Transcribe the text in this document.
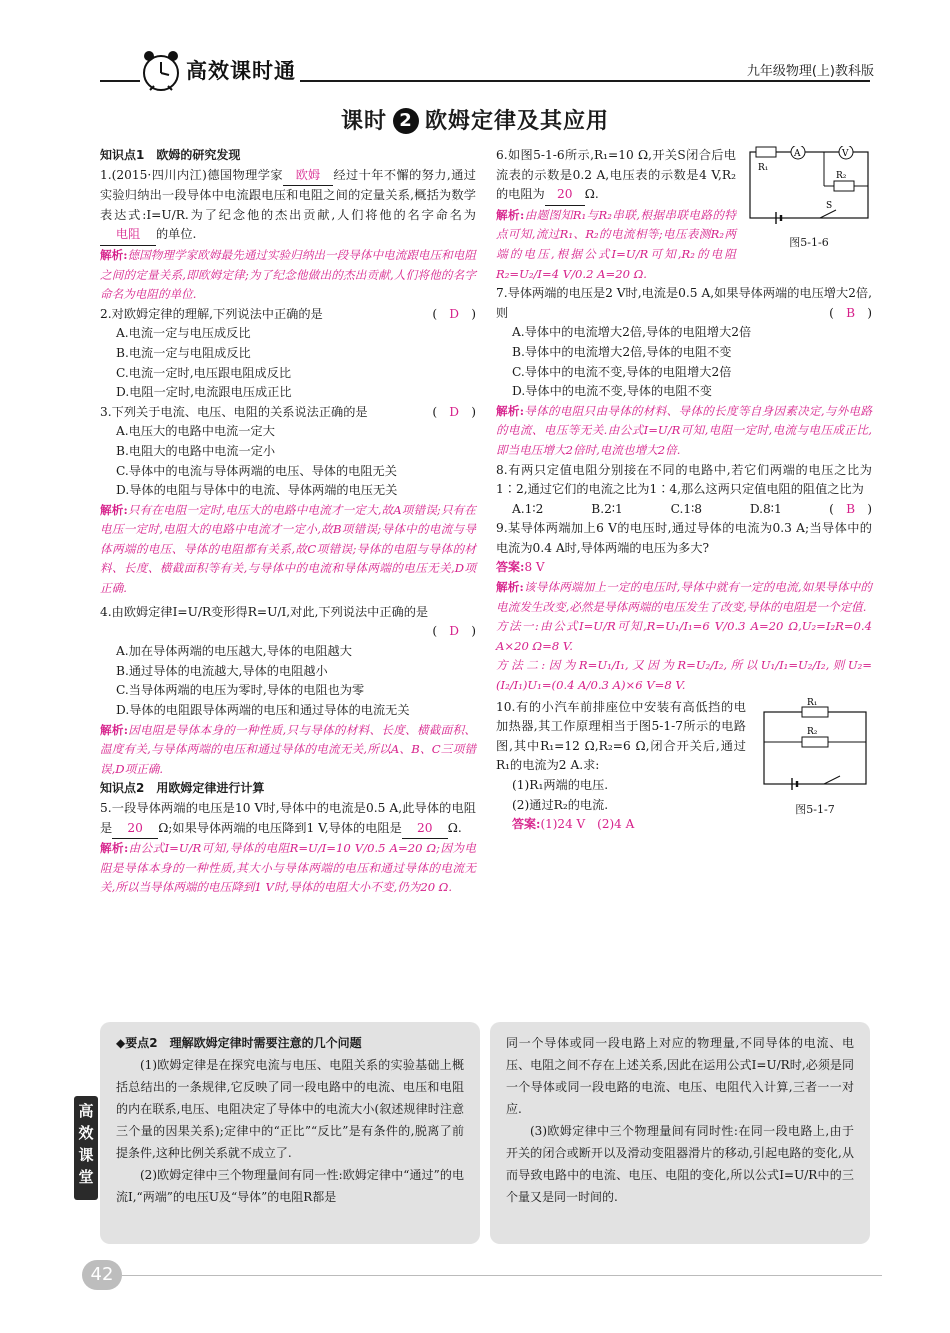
高效课时通	九年级物理(上)教科版
课时 2 欧姆定律及其应用

知识点1　欧姆的研究发现

1.(2015·四川内江)德国物理学家 欧姆 经过十年不懈的努力,通过实验归纳出一段导体中电流跟电压和电阻之间的定量关系,概括为数学表达式:I=U/R.为了纪念他的杰出贡献,人们将他的名字命名为电阻 的单位.

解析:德国物理学家欧姆最先通过实验归纳出一段导体中电流跟电压和电阻之间的定量关系,即欧姆定律;为了纪念他做出的杰出贡献,人们将他的名字命名为电阻的单位.

2.对欧姆定律的理解,下列说法中正确的是	(　D　)

A.电流一定与电压成反比

B.电流一定与电阻成反比

C.电流一定时,电压跟电阻成反比

D.电阻一定时,电流跟电压成正比

3.下列关于电流、电压、电阻的关系说法正确的是	(　D　)

A.电压大的电路中电流一定大

B.电阻大的电路中电流一定小

C.导体中的电流与导体两端的电压、导体的电阻无关

D.导体的电阻与导体中的电流、导体两端的电压无关

解析:只有在电阻一定时,电压大的电路中电流才一定大,故A项错误;只有在电压一定时,电阻大的电路中电流才一定小,故B项错误;导体中的电流与导体两端的电压、导体的电阻都有关系,故C项错误;导体的电阻与导体的材料、长度、横截面积等有关,与导体中的电流和导体两端的电压无关,D项正确.

4.由欧姆定律I=U/R变形得R=U/I,对此,下列说法中正确的是

(　D　)

A.加在导体两端的电压越大,导体的电阻越大

B.通过导体的电流越大,导体的电阻越小

C.当导体两端的电压为零时,导体的电阻也为零

D.导体的电阻跟导体两端的电压和通过导体的电流无关

解析:因电阻是导体本身的一种性质,只与导体的材料、长度、横截面积、温度有关,与导体两端的电压和通过导体的电流无关,所以A、B、C三项错误,D项正确.

知识点2　用欧姆定律进行计算

5.一段导体两端的电压是10 V时,导体中的电流是0.5 A,此导体的电阻是 20 Ω;如果导体两端的电压降到1 V,导体的电阻是 20 Ω.

解析:由公式I=U/R可知,导体的电阻R=U/I=10 V/0.5 A=20 Ω;因为电阻是导体本身的一种性质,其大小与导体两端的电压和通过导体的电流无关,所以当导体两端的电压降到1 V时,导体的电阻大小不变,仍为20 Ω.

6.如图5-1-6所示,R₁=10 Ω,开关S闭合后电流表的示数是0.2 A,电压表的示数是4 V,R₂的电阻为 20 Ω.

A	V
R₁
R₂
S
图5-1-6

解析:由题图知R₁与R₂串联,根据串联电路的特点可知,流过R₁、R₂的电流相等;电压表测R₂两端的电压,根据公式I=U/R可知,R₂的电阻R₂=U₂/I=4 V/0.2 A=20 Ω.

7.导体两端的电压是2 V时,电流是0.5 A,如果导体两端的电压增大2倍,则	(　B　)

A.导体中的电流增大2倍,导体的电阻增大2倍

B.导体中的电流增大2倍,导体的电阻不变

C.导体中的电流不变,导体的电阻增大2倍

D.导体中的电流不变,导体的电阻不变

解析:导体的电阻只由导体的材料、导体的长度等自身因素决定,与外电路的电流、电压等无关.由公式I=U/R可知,电阻一定时,电流与电压成正比,即当电压增大2倍时,电流也增大2倍.

8.有两只定值电阻分别接在不同的电路中,若它们两端的电压之比为1∶2,通过它们的电流之比为1∶4,那么这两只定值电阻的阻值之比为
(　B　)

A.1∶2	B.2∶1	C.1∶8	D.8∶1

9.某导体两端加上6 V的电压时,通过导体的电流为0.3 A;当导体中的电流为0.4 A时,导体两端的电压为多大?

答案:8 V

解析:该导体两端加上一定的电压时,导体中就有一定的电流,如果导体中的电流发生改变,必然是导体两端的电压发生了改变,导体的电阻是一个定值.

方法一:由公式I=U/R可知,R=U₁/I₁=6 V/0.3 A=20 Ω,U₂=I₂R=0.4 A×20 Ω=8 V.

方法二:因为R=U₁/I₁,又因为R=U₂/I₂,所以U₁/I₁=U₂/I₂,则U₂=(I₂/I₁)U₁=(0.4 A/0.3 A)×6 V=8 V.

10.有的小汽车前排座位中安装有高低挡的电加热器,其工作原理相当于图5-1-7所示的电路图,其中R₁=12 Ω,R₂=6 Ω,闭合开关后,通过R₁的电流为2 A.求:

(1)R₁两端的电压.

(2)通过R₂的电流.

答案:(1)24 V　(2)4 A

R₁
R₂
图5-1-7
◆要点2　理解欧姆定律时需要注意的几个问题
(1)欧姆定律是在探究电流与电压、电阻关系的实验基础上概括总结出的一条规律,它反映了同一段电路中的电流、电压和电阻的内在联系,电压、电阻决定了导体中的电流大小(叙述规律时注意三个量的因果关系);定律中的“正比”“反比”是有条件的,脱离了前提条件,这种比例关系就不成立了.
(2)欧姆定律中三个物理量间有同一性:欧姆定律中“通过”的电流I,“两端”的电压U及“导体”的电阻R都是
同一个导体或同一段电路上对应的物理量,不同导体的电流、电压、电阻之间不存在上述关系,因此在运用公式I=U/R时,必须是同一个导体或同一段电路的电流、电压、电阻代入计算,三者一一对应.
(3)欧姆定律中三个物理量间有同时性:在同一段电路上,由于开关的闭合或断开以及滑动变阻器滑片的移动,引起电路的变化,从而导致电路中的电流、电压、电阻的变化,所以公式I=U/R中的三个量又是同一时间的.
高效课堂
42
